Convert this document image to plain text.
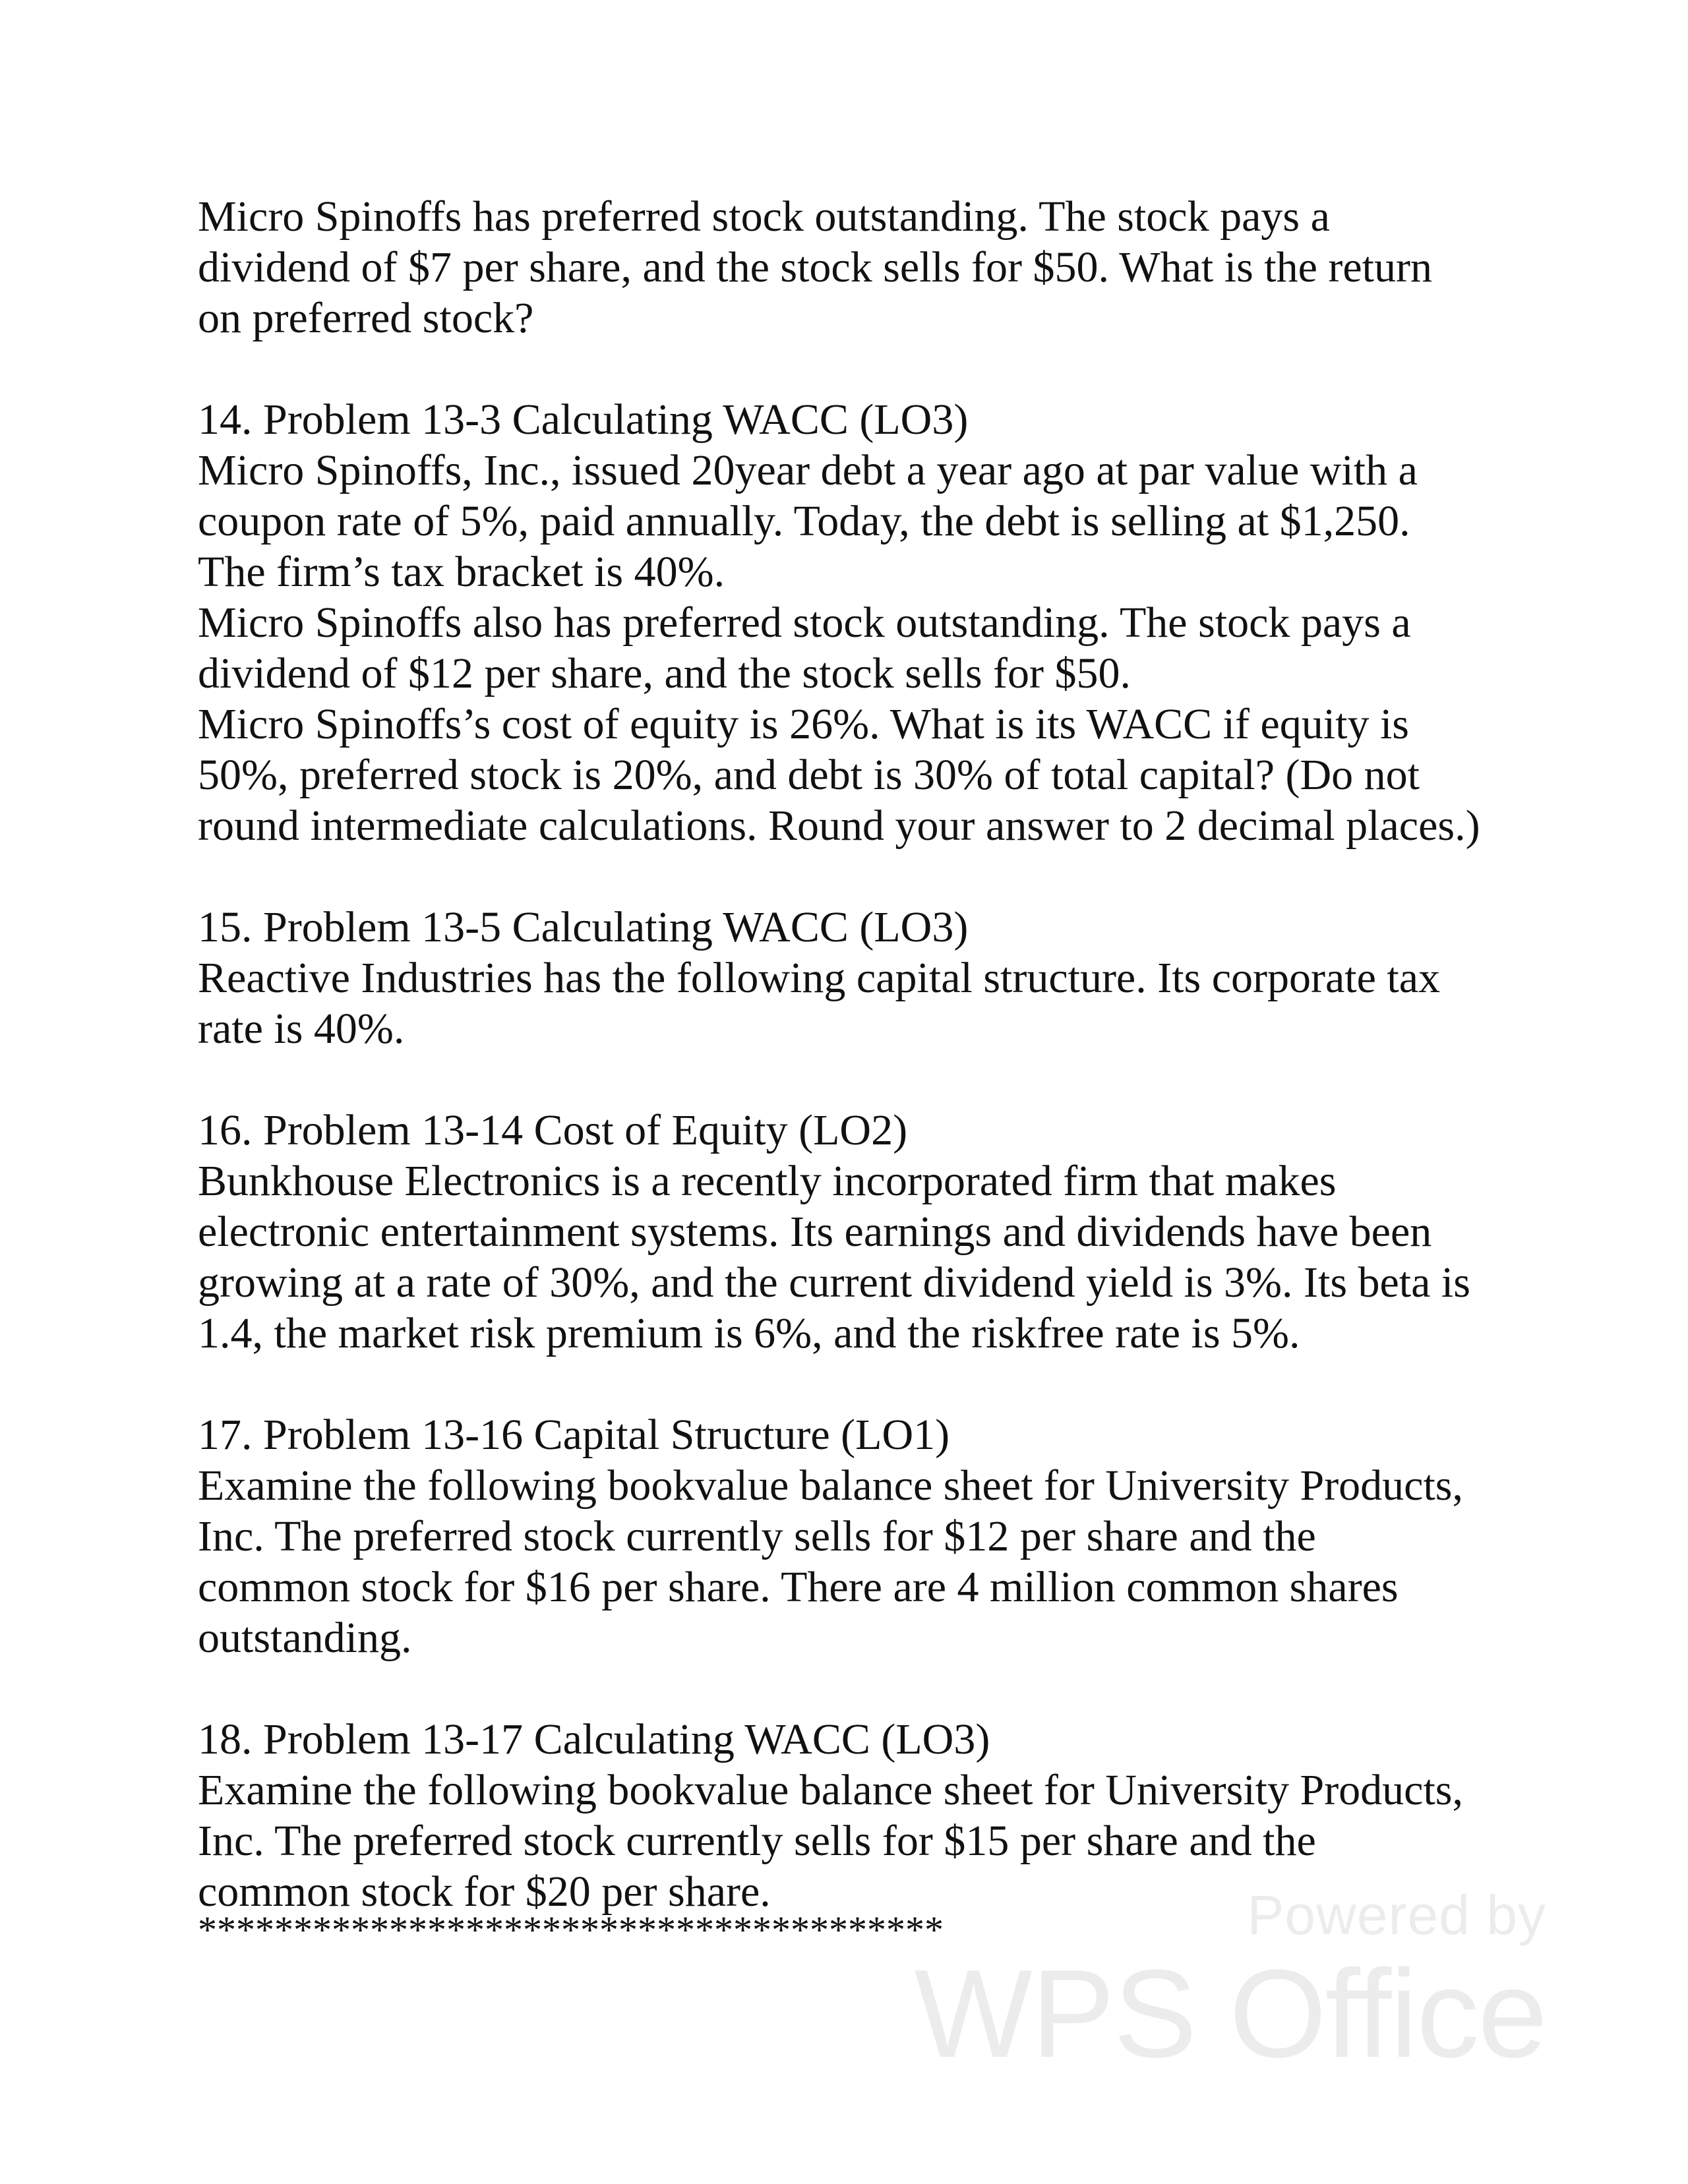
Micro Spinoffs has preferred stock outstanding. The stock pays a

dividend of $7 per share, and the stock sells for $50. What is the return

on preferred stock?

14. Problem 13-3 Calculating WACC (LO3)

Micro Spinoffs, Inc., issued 20year debt a year ago at par value with a

coupon rate of 5%, paid annually. Today, the debt is selling at $1,250.

The firm’s tax bracket is 40%.

Micro Spinoffs also has preferred stock outstanding. The stock pays a

dividend of $12 per share, and the stock sells for $50.

Micro Spinoffs’s cost of equity is 26%. What is its WACC if equity is

50%, preferred stock is 20%, and debt is 30% of total capital? (Do not

round intermediate calculations. Round your answer to 2 decimal places.)

15. Problem 13-5 Calculating WACC (LO3)

Reactive Industries has the following capital structure. Its corporate tax

rate is 40%.

16. Problem 13-14 Cost of Equity (LO2)

Bunkhouse Electronics is a recently incorporated firm that makes

electronic entertainment systems. Its earnings and dividends have been

growing at a rate of 30%, and the current dividend yield is 3%. Its beta is

1.4, the market risk premium is 6%, and the riskfree rate is 5%.

17. Problem 13-16 Capital Structure (LO1)

Examine the following bookvalue balance sheet for University Products,

Inc. The preferred stock currently sells for $12 per share and the

common stock for $16 per share. There are 4 million common shares

outstanding.

18. Problem 13-17 Calculating WACC (LO3)

Examine the following bookvalue balance sheet for University Products,

Inc. The preferred stock currently sells for $15 per share and the

common stock for $20 per share.

***************************************	Powered by
WPS Office
